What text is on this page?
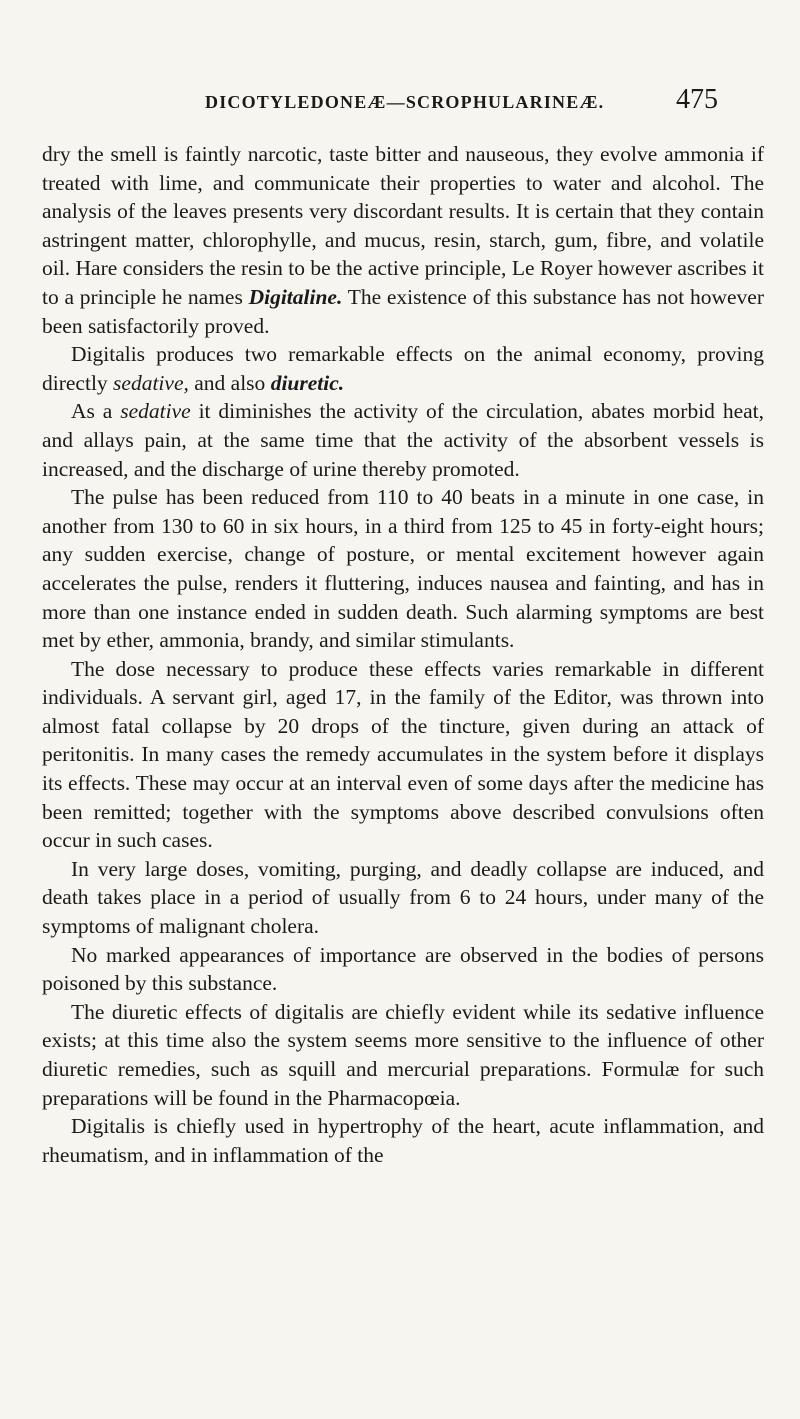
DICOTYLEDONEÆ—SCROPHULARINEÆ.	475

dry the smell is faintly narcotic, taste bitter and nauseous, they evolve ammonia if treated with lime, and communicate their properties to water and alcohol. The analysis of the leaves presents very discordant results. It is certain that they contain astringent matter, chlorophylle, and mucus, resin, starch, gum, fibre, and volatile oil. Hare considers the resin to be the active principle, Le Royer however ascribes it to a principle he names Digitaline. The existence of this substance has not however been satisfactorily proved.

Digitalis produces two remarkable effects on the animal economy, proving directly sedative, and also diuretic.

As a sedative it diminishes the activity of the circulation, abates morbid heat, and allays pain, at the same time that the activity of the absorbent vessels is increased, and the discharge of urine thereby promoted.

The pulse has been reduced from 110 to 40 beats in a minute in one case, in another from 130 to 60 in six hours, in a third from 125 to 45 in forty-eight hours; any sudden exercise, change of posture, or mental excitement however again accelerates the pulse, renders it fluttering, induces nausea and fainting, and has in more than one instance ended in sudden death. Such alarming symptoms are best met by ether, ammonia, brandy, and similar stimulants.

The dose necessary to produce these effects varies remarkable in different individuals. A servant girl, aged 17, in the family of the Editor, was thrown into almost fatal collapse by 20 drops of the tincture, given during an attack of peritonitis. In many cases the remedy accumulates in the system before it displays its effects. These may occur at an interval even of some days after the medicine has been remitted; together with the symptoms above described convulsions often occur in such cases.

In very large doses, vomiting, purging, and deadly collapse are induced, and death takes place in a period of usually from 6 to 24 hours, under many of the symptoms of malignant cholera.

No marked appearances of importance are observed in the bodies of persons poisoned by this substance.

The diuretic effects of digitalis are chiefly evident while its sedative influence exists; at this time also the system seems more sensitive to the influence of other diuretic remedies, such as squill and mercurial preparations. Formulæ for such preparations will be found in the Pharmacopœia.

Digitalis is chiefly used in hypertrophy of the heart, acute inflammation, and rheumatism, and in inflammation of the
